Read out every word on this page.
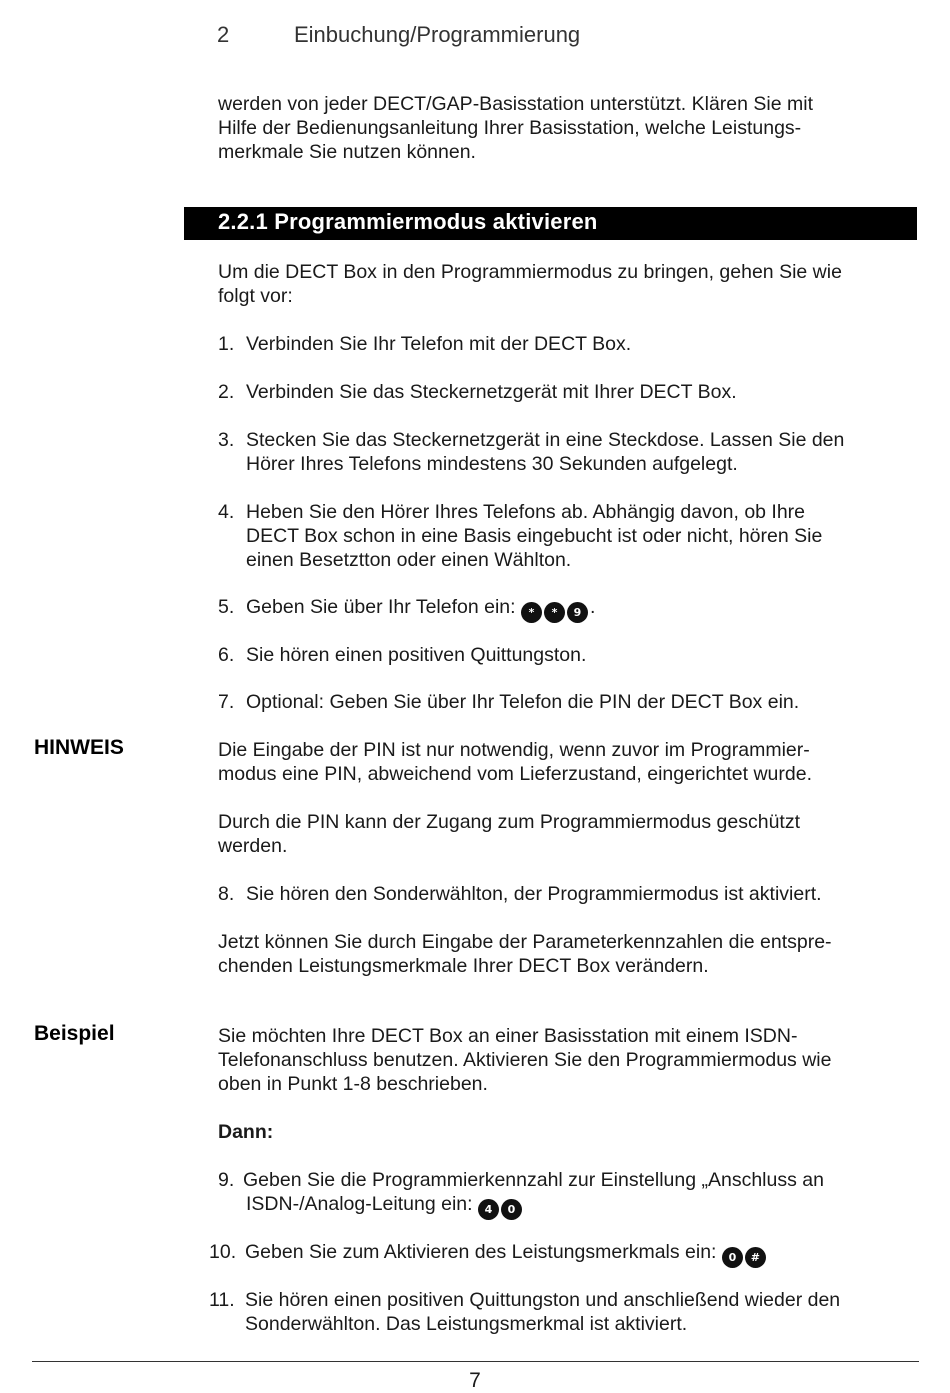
2	Einbuchung/Programmierung
werden von jeder DECT/GAP-Basisstation unterstützt. Klären Sie mit
Hilfe der Bedienungsanleitung Ihrer Basisstation, welche Leistungs-
merkmale Sie nutzen können.
2.2.1 Programmiermodus aktivieren
Um die DECT Box in den Programmiermodus zu bringen, gehen Sie wie
folgt vor:
1. Verbinden Sie Ihr Telefon mit der DECT Box.
2. Verbinden Sie das Steckernetzgerät mit Ihrer DECT Box.
3. Stecken Sie das Steckernetzgerät in eine Steckdose. Lassen Sie den
Hörer Ihres Telefons mindestens 30 Sekunden aufgelegt.
4. Heben Sie den Hörer Ihres Telefons ab. Abhängig davon, ob Ihre
DECT Box schon in eine Basis eingebucht ist oder nicht, hören Sie
einen Besetztton oder einen Wählton.
5. Geben Sie über Ihr Telefon ein: * * 9 .
6. Sie hören einen positiven Quittungston.
7. Optional: Geben Sie über Ihr Telefon die PIN der DECT Box ein.
HINWEIS	Die Eingabe der PIN ist nur notwendig, wenn zuvor im Programmier-
modus eine PIN, abweichend vom Lieferzustand, eingerichtet wurde.
Durch die PIN kann der Zugang zum Programmiermodus geschützt
werden.
8. Sie hören den Sonderwählton, der Programmiermodus ist aktiviert.
Jetzt können Sie durch Eingabe der Parameterkennzahlen die entspre-
chenden Leistungsmerkmale Ihrer DECT Box verändern.
Beispiel	Sie möchten Ihre DECT Box an einer Basisstation mit einem ISDN-
Telefonanschluss benutzen. Aktivieren Sie den Programmiermodus wie
oben in Punkt 1-8 beschrieben.
Dann:
9. Geben Sie die Programmierkennzahl zur Einstellung „Anschluss an
ISDN-/Analog-Leitung ein: 4 0
10. Geben Sie zum Aktivieren des Leistungsmerkmals ein: 0 #
11. Sie hören einen positiven Quittungston und anschließend wieder den
Sonderwählton. Das Leistungsmerkmal ist aktiviert.
7
